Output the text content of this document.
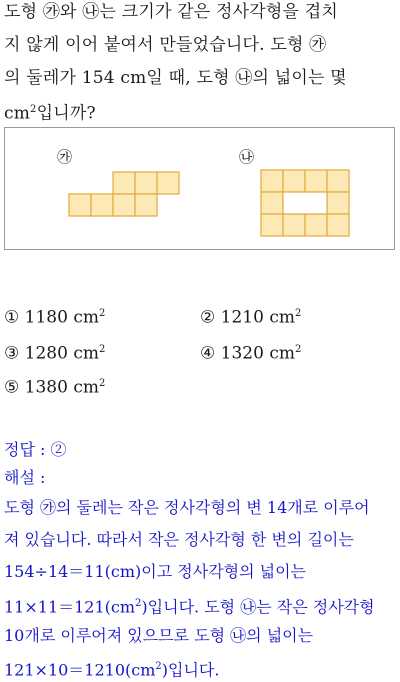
도형 ㉮와 ㉯는 크기가 같은 정사각형을 겹치
지 않게 이어 붙여서 만들었습니다. 도형 ㉮
의 둘레가 154 cm일 때, 도형 ㉯의 넓이는 몇
$cm^2$입니까?
㉮	㉯
① 1180 $cm^2$	② 1210 $cm^2$
③ 1280 $cm^2$	④ 1320 $cm^2$
⑤ 1380 $cm^2$
정답 : ②
해설 :
도형 ㉮의 둘레는 작은 정사각형의 변 14개로 이루어
져 있습니다. 따라서 작은 정사각형 한 변의 길이는
154÷14＝11(cm)이고 정사각형의 넓이는
$11\times 11=121(cm^2)$입니다. 도형 ㉯는 작은 정사각형
10개로 이루어져 있으므로 도형 ㉯의 넓이는
$121\times 10=1210(cm^2)$입니다.
